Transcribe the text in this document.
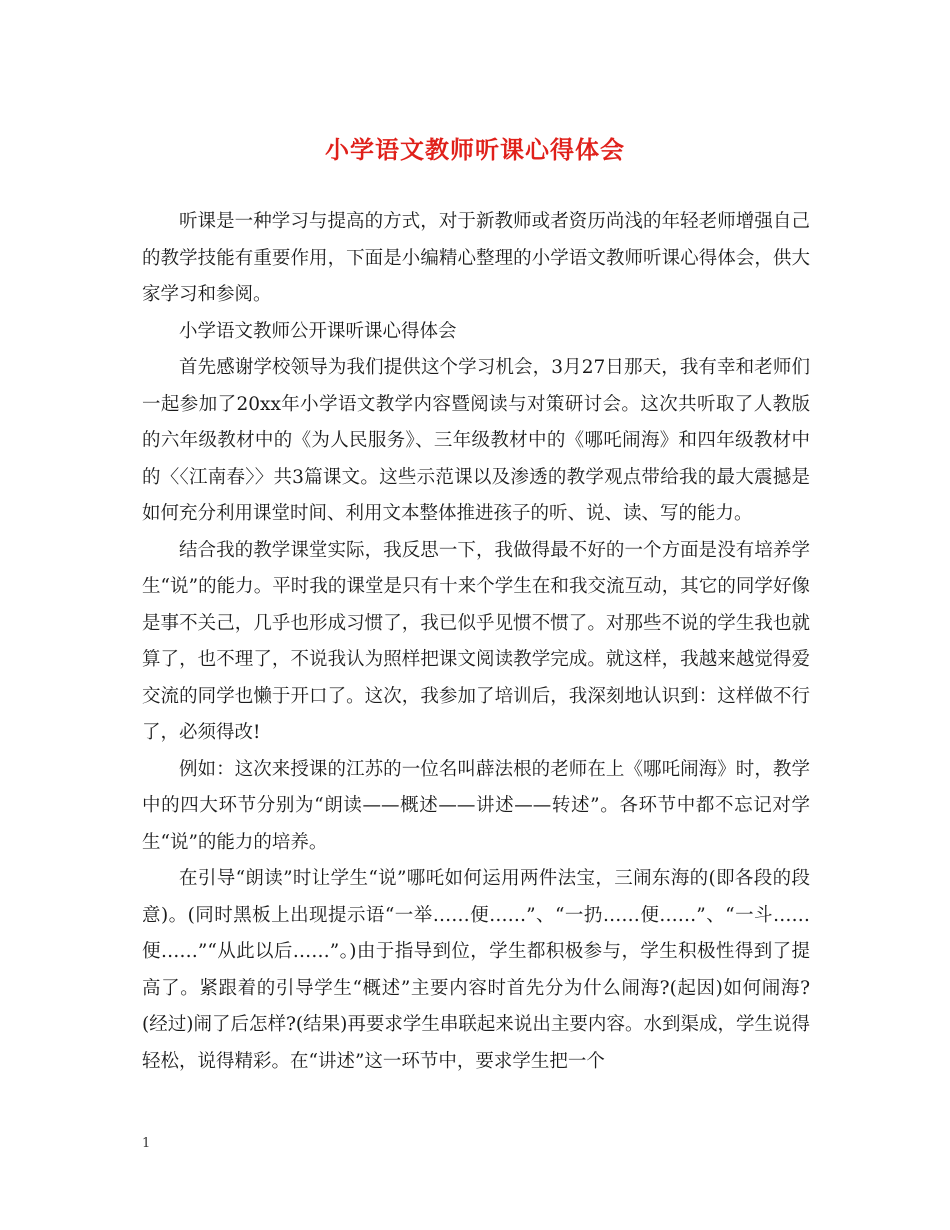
小学语文教师听课心得体会

听课是一种学习与提高的方式，对于新教师或者资历尚浅的年轻老师增强自己的教学技能有重要作用，下面是小编精心整理的小学语文教师听课心得体会，供大家学习和参阅。

小学语文教师公开课听课心得体会

首先感谢学校领导为我们提供这个学习机会，3月27日那天，我有幸和老师们一起参加了20xx年小学语文教学内容暨阅读与对策研讨会。这次共听取了人教版的六年级教材中的《为人民服务》、三年级教材中的《哪吒闹海》和四年级教材中的〈〈江南春〉〉共3篇课文。这些示范课以及渗透的教学观点带给我的最大震撼是如何充分利用课堂时间、利用文本整体推进孩子的听、说、读、写的能力。

结合我的教学课堂实际，我反思一下，我做得最不好的一个方面是没有培养学生“说”的能力。平时我的课堂是只有十来个学生在和我交流互动，其它的同学好像是事不关己，几乎也形成习惯了，我已似乎见惯不惯了。对那些不说的学生我也就算了，也不理了，不说我认为照样把课文阅读教学完成。就这样，我越来越觉得爱交流的同学也懒于开口了。这次，我参加了培训后，我深刻地认识到：这样做不行了，必须得改!

例如：这次来授课的江苏的一位名叫薜法根的老师在上《哪吒闹海》时，教学中的四大环节分别为“朗读——概述——讲述——转述”。各环节中都不忘记对学生“说”的能力的培养。

在引导“朗读”时让学生“说”哪吒如何运用两件法宝，三闹东海的(即各段的段意)。(同时黑板上出现提示语“一举……便……”、“一扔……便……”、“一斗……便……”“从此以后……”。)由于指导到位，学生都积极参与，学生积极性得到了提高了。紧跟着的引导学生“概述”主要内容时首先分为什么闹海?(起因)如何闹海?(经过)闹了后怎样?(结果)再要求学生串联起来说出主要内容。水到渠成，学生说得轻松，说得精彩。在“讲述”这一环节中，要求学生把一个

1
